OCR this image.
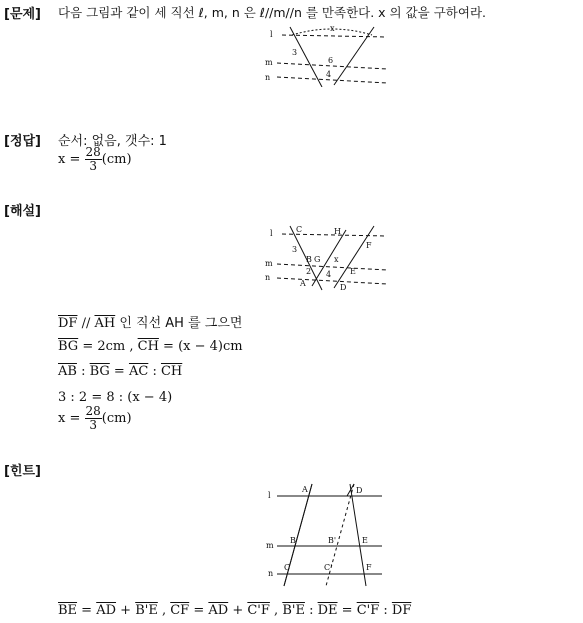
[문제] 다음 그림과 같이 세 직선 ℓ, m, n 은 ℓ//m//n 를 만족한다. x 의 값을 구하여라.
l
m
n
x
3
6
4
[정답] 순서: 없음, 갯수: 1
$x = \frac{28}{3} (cm)$
[해설]
l
m
n
C	H
F
3
B G x
2	E
4
A	D
$\overline{DF} // \overline{AH}$ 인 직선 AH 를 그으면
$\overline{BG} = 2cm$ , $\overline{CH} = (x - 4)cm$
$\overline{AB}$ : $\overline{BG} = \overline{AC}$ : $\overline{CH}$
3 : 2 = 8 : (x − 4)
$x = \frac{28}{3} (cm)$
[힌트]
l
m
n
A	D
B	B'	E
C	C'	F
$\overline{BE} = \overline{AD} + B'E$ , $\overline{CF} = \overline{AD} + C'F$ , B'E : $\overline{DE} = C'F$ : $\overline{DF}$
